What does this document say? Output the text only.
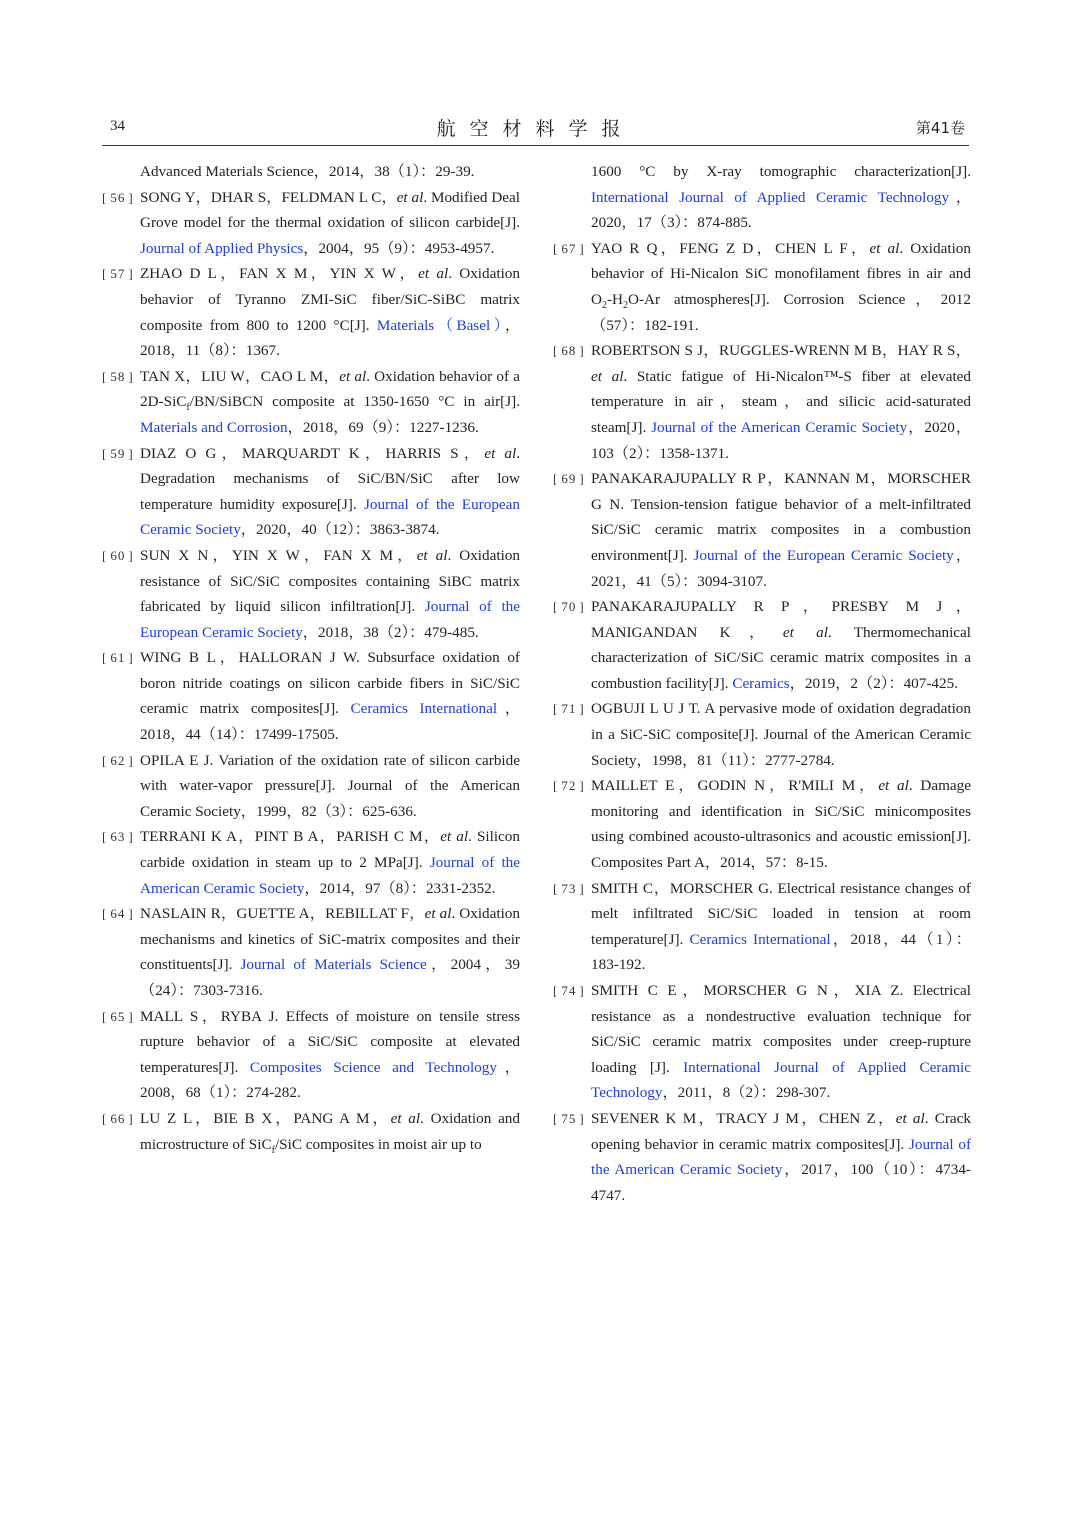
34	航空材料学报	第41卷
Advanced Materials Science，2014，38（1）：29-39.
[ 56 ] SONG Y，DHAR S，FELDMAN L C，et al. Modified Deal Grove model for the thermal oxidation of silicon carbide[J]. Journal of Applied Physics，2004，95（9）：4953-4957.
[ 57 ] ZHAO D L，FAN X M，YIN X W，et al. Oxidation behavior of Tyranno ZMI-SiC fiber/SiC-SiBC matrix composite from 800 to 1200 °C[J]. Materials（Basel），2018，11（8）：1367.
[ 58 ] TAN X，LIU W，CAO L M，et al. Oxidation behavior of a 2D-SiC$_f$/BN/SiBCN composite at 1350-1650 °C in air[J]. Materials and Corrosion，2018，69（9）：1227-1236.
[ 59 ] DIAZ O G，MARQUARDT K，HARRIS S，et al. Degradation mechanisms of SiC/BN/SiC after low temperature humidity exposure[J]. Journal of the European Ceramic Society，2020，40（12）：3863-3874.
[ 60 ] SUN X N，YIN X W，FAN X M，et al. Oxidation resistance of SiC/SiC composites containing SiBC matrix fabricated by liquid silicon infiltration[J]. Journal of the European Ceramic Society，2018，38（2）：479-485.
[ 61 ] WING B L，HALLORAN J W. Subsurface oxidation of boron nitride coatings on silicon carbide fibers in SiC/SiC ceramic matrix composites[J]. Ceramics International，2018，44（14）：17499-17505.
[ 62 ] OPILA E J. Variation of the oxidation rate of silicon carbide with water-vapor pressure[J]. Journal of the American Ceramic Society，1999，82（3）：625-636.
[ 63 ] TERRANI K A，PINT B A，PARISH C M，et al. Silicon carbide oxidation in steam up to 2 MPa[J]. Journal of the American Ceramic Society，2014，97（8）：2331-2352.
[ 64 ] NASLAIN R，GUETTE A，REBILLAT F，et al. Oxidation mechanisms and kinetics of SiC-matrix composites and their constituents[J]. Journal of Materials Science，2004，39（24）：7303-7316.
[ 65 ] MALL S，RYBA J. Effects of moisture on tensile stress rupture behavior of a SiC/SiC composite at elevated temperatures[J]. Composites Science and Technology，2008，68（1）：274-282.
[ 66 ] LU Z L，BIE B X，PANG A M，et al. Oxidation and microstructure of SiC$_f$/SiC composites in moist air up to
1600 °C by X-ray tomographic characterization[J]. International Journal of Applied Ceramic Technology，2020，17（3）：874-885.
[ 67 ] YAO R Q，FENG Z D，CHEN L F，et al. Oxidation behavior of Hi-Nicalon SiC monofilament fibres in air and $O_2-H_2O-Ar$ atmospheres[J]. Corrosion Science，2012（57）：182-191.
[ 68 ] ROBERTSON S J，RUGGLES-WRENN M B，HAY R S，et al. Static fatigue of Hi-Nicalon™-S fiber at elevated temperature in air，steam，and silicic acid-saturated steam[J]. Journal of the American Ceramic Society，2020，103（2）：1358-1371.
[ 69 ] PANAKARAJUPALLY R P，KANNAN M，MORSCHER G N. Tension-tension fatigue behavior of a melt-infiltrated SiC/SiC ceramic matrix composites in a combustion environment[J]. Journal of the European Ceramic Society，2021，41（5）：3094-3107.
[ 70 ] PANAKARAJUPALLY R P，PRESBY M J，MANIGANDAN K，et al. Thermomechanical characterization of SiC/SiC ceramic matrix composites in a combustion facility[J]. Ceramics，2019，2（2）：407-425.
[ 71 ] OGBUJI L U J T. A pervasive mode of oxidation degradation in a SiC-SiC composite[J]. Journal of the American Ceramic Society，1998，81（11）：2777-2784.
[ 72 ] MAILLET E，GODIN N，R'MILI M，et al. Damage monitoring and identification in SiC/SiC minicomposites using combined acousto-ultrasonics and acoustic emission[J]. Composites Part A，2014，57：8-15.
[ 73 ] SMITH C，MORSCHER G. Electrical resistance changes of melt infiltrated SiC/SiC loaded in tension at room temperature[J]. Ceramics International，2018，44（1）：183-192.
[ 74 ] SMITH C E，MORSCHER G N，XIA Z. Electrical resistance as a nondestructive evaluation technique for SiC/SiC ceramic matrix composites under creep-rupture loading [J]. International Journal of Applied Ceramic Technology，2011，8（2）：298-307.
[ 75 ] SEVENER K M，TRACY J M，CHEN Z，et al. Crack opening behavior in ceramic matrix composites[J]. Journal of the American Ceramic Society，2017，100（10）：4734-4747.
